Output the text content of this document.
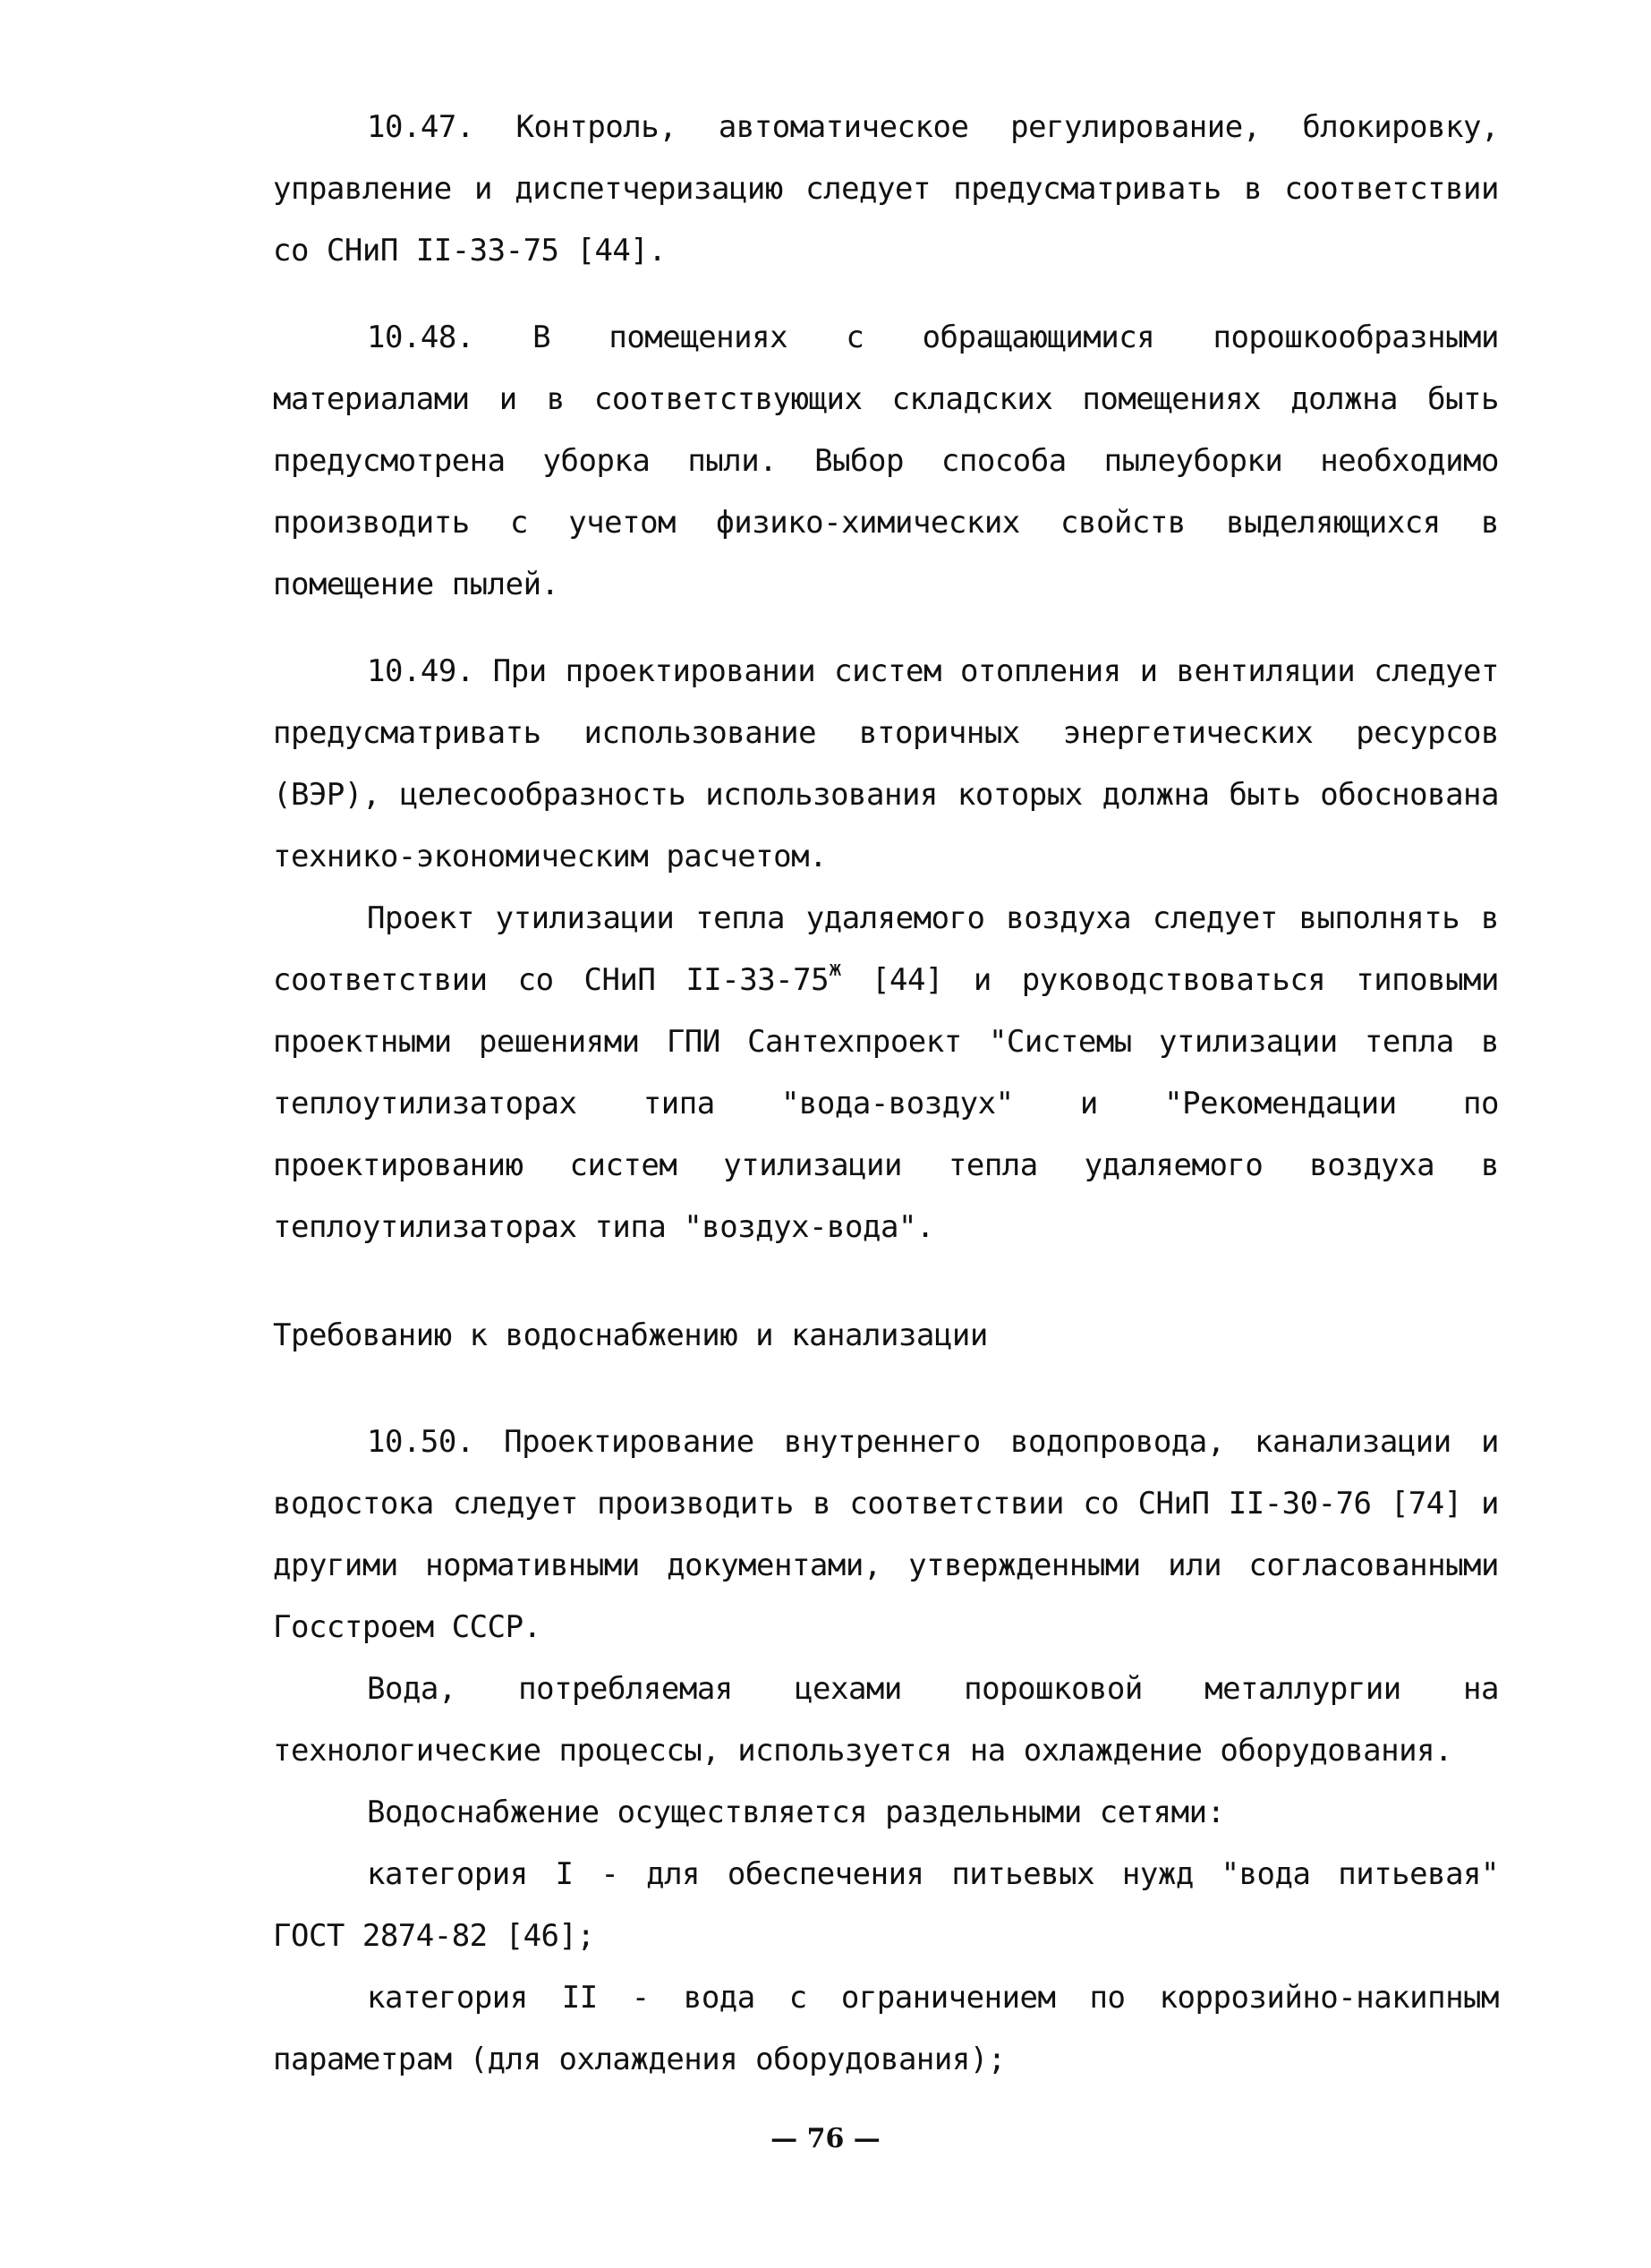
10.47. Контроль, автоматическое регулирование, блокировку, управление и диспетчеризацию следует предусматривать в соответствии со СНиП II-33-75 [44].

10.48. В помещениях с обращающимися порошкообразными материалами и в соответствующих складских помещениях должна быть предусмотрена уборка пыли. Выбор способа пылеуборки необходимо производить с учетом физико-химических свойств выделяющихся в помещение пылей.

10.49. При проектировании систем отопления и вентиляции следует предусматривать использование вторичных энергетических ресурсов (ВЭР), целесообразность использования которых должна быть обоснована технико-экономическим расчетом.

Проект утилизации тепла удаляемого воздуха следует выполнять в соответствии со СНиП $II-33-75^ж$ [44] и руководствоваться типовыми проектными решениями ГПИ Сантехпроект "Системы утилизации тепла в теплоутилизаторах типа "вода-воздух" и "Рекомендации по проектированию систем утилизации тепла удаляемого воздуха в теплоутилизаторах типа "воздух-вода".

Требованию к водоснабжению и канализации

10.50. Проектирование внутреннего водопровода, канализации и водостока следует производить в соответствии со СНиП II-30-76 [74] и другими нормативными документами, утвержденными или согласованными Госстроем СССР.

Вода, потребляемая цехами порошковой металлургии на технологические процессы, используется на охлаждение оборудования.

Водоснабжение осуществляется раздельными сетями:

категория I - для обеспечения питьевых нужд "вода питьевая" ГОСТ 2874-82 [46];

категория II - вода с ограничением по коррозийно-накипным параметрам (для охлаждения оборудования);

— 76 —
